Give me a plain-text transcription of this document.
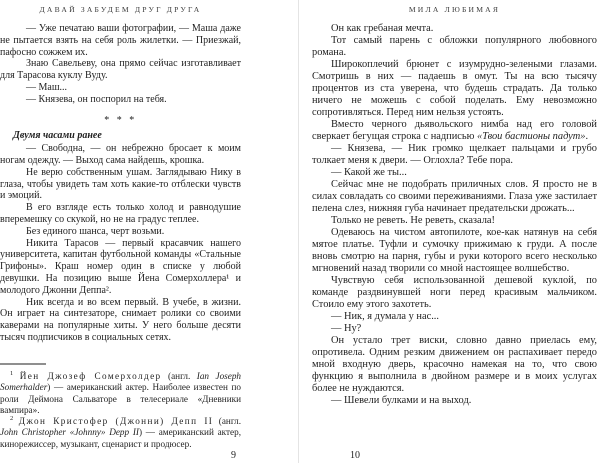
ДАВАЙ ЗАБУДЕМ ДРУГ ДРУГА

— Уже печатаю ваши фотографии, — Маша даже не пытается взять на себя роль жилетки. — Приезжай, пафосно сожжем их.

Знаю Савельеву, она прямо сейчас изготавливает для Тарасова куклу Вуду.

— Маш...

— Князева, он поспорил на тебя.

* * *

Двумя часами ранее

— Свободна, — он небрежно бросает к моим ногам одежду. — Выход сама найдешь, крошка.

Не верю собственным ушам. Заглядываю Нику в глаза, чтобы увидеть там хоть какие-то отблески чувств и эмоций.

В его взгляде есть только холод и равнодушие вперемешку со скукой, но не на градус теплее.

Без единого шанса, черт возьми.

Никита Тарасов — первый красавчик нашего университета, капитан футбольной команды «Стальные Грифоны». Краш номер один в списке у любой девушки. На позицию выше Йена Сомерхоллера¹ и молодого Джонни Деппа².

Ник всегда и во всем первый. В учебе, в жизни. Он играет на синтезаторе, снимает ролики со своими каверами на популярные хиты. У него больше десяти тысяч подписчиков в социальных сетях.

$^1$ Йен Джозеф Сомерхолдер (англ. Ian Joseph Somerhalder) — американский актер. Наиболее известен по роли Деймона Сальваторе в телесериале «Дневники вампира».

$^2$ Джон Кристофер (Джонни) Депп II (англ. John Christopher «Johnny» Depp II) — американский актер, кинорежиссер, музыкант, сценарист и продюсер.

9
МИЛА ЛЮБИМАЯ

Он как гребаная мечта.

Тот самый парень с обложки популярного любовного романа.

Широкоплечий брюнет с изумрудно-зелеными глазами. Смотришь в них — падаешь в омут. Ты на всю тысячу процентов из ста уверена, что будешь страдать. Да только ничего не можешь с собой поделать. Ему невозможно сопротивляться. Перед ним нельзя устоять.

Вместо черного дьявольского нимба над его головой сверкает бегущая строка с надписью «Твои бастионы падут».

— Князева, — Ник громко щелкает пальцами и грубо толкает меня к двери. — Оглохла? Тебе пора.

— Какой же ты...

Сейчас мне не подобрать приличных слов. Я просто не в силах совладать со своими переживаниями. Глаза уже застилает пелена слез, нижняя губа начинает предательски дрожать...

Только не реветь. Не реветь, сказала!

Одеваюсь на чистом автопилоте, кое-как натянув на себя мятое платье. Туфли и сумочку прижимаю к груди. А после вновь смотрю на парня, губы и руки которого всего несколько мгновений назад творили со мной настоящее волшебство.

Чувствую себя использованной дешевой куклой, по команде раздвинувшей ноги перед красивым мальчиком. Стоило ему этого захотеть.

— Ник, я думала у нас...

— Ну?

Он устало трет виски, словно давно приелась ему, опротивела. Одним резким движением он распахивает передо мной входную дверь, красочно намекая на то, что свою функцию я выполнила в двойном размере и в моих услугах более не нуждаются.

— Шевели булками и на выход.

10
